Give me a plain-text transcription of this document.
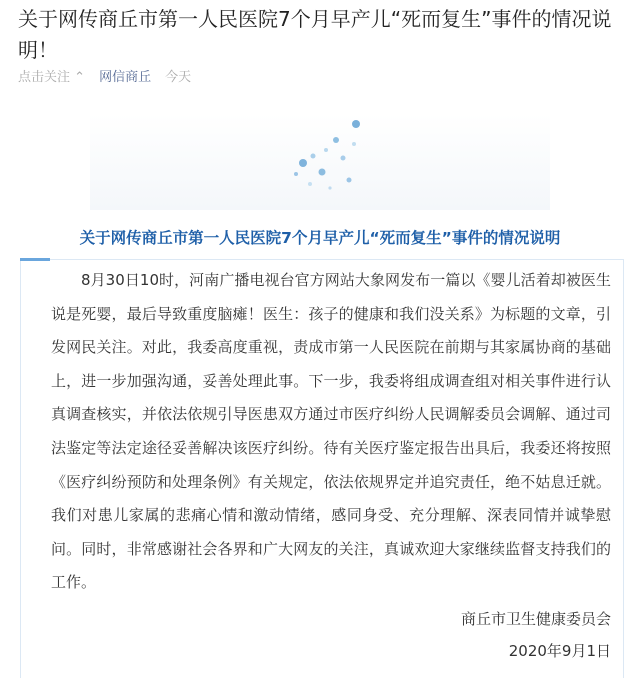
关于网传商丘市第一人民医院7个月早产儿“死而复生”事件的情况说明！
点击关注 ⌃ 网信商丘 今天
关于网传商丘市第一人民医院7个月早产儿“死而复生”事件的情况说明

8月30日10时，河南广播电视台官方网站大象网发布一篇以《婴儿活着却被医生说是死婴，最后导致重度脑瘫！医生：孩子的健康和我们没关系》为标题的文章，引发网民关注。对此，我委高度重视，责成市第一人民医院在前期与其家属协商的基础上，进一步加强沟通，妥善处理此事。下一步，我委将组成调查组对相关事件进行认真调查核实，并依法依规引导医患双方通过市医疗纠纷人民调解委员会调解、通过司法鉴定等法定途径妥善解决该医疗纠纷。待有关医疗鉴定报告出具后，我委还将按照《医疗纠纷预防和处理条例》有关规定，依法依规界定并追究责任，绝不姑息迁就。我们对患儿家属的悲痛心情和激动情绪，感同身受、充分理解、深表同情并诚挚慰问。同时，非常感谢社会各界和广大网友的关注，真诚欢迎大家继续监督支持我们的工作。

商丘市卫生健康委员会
2020年9月1日
